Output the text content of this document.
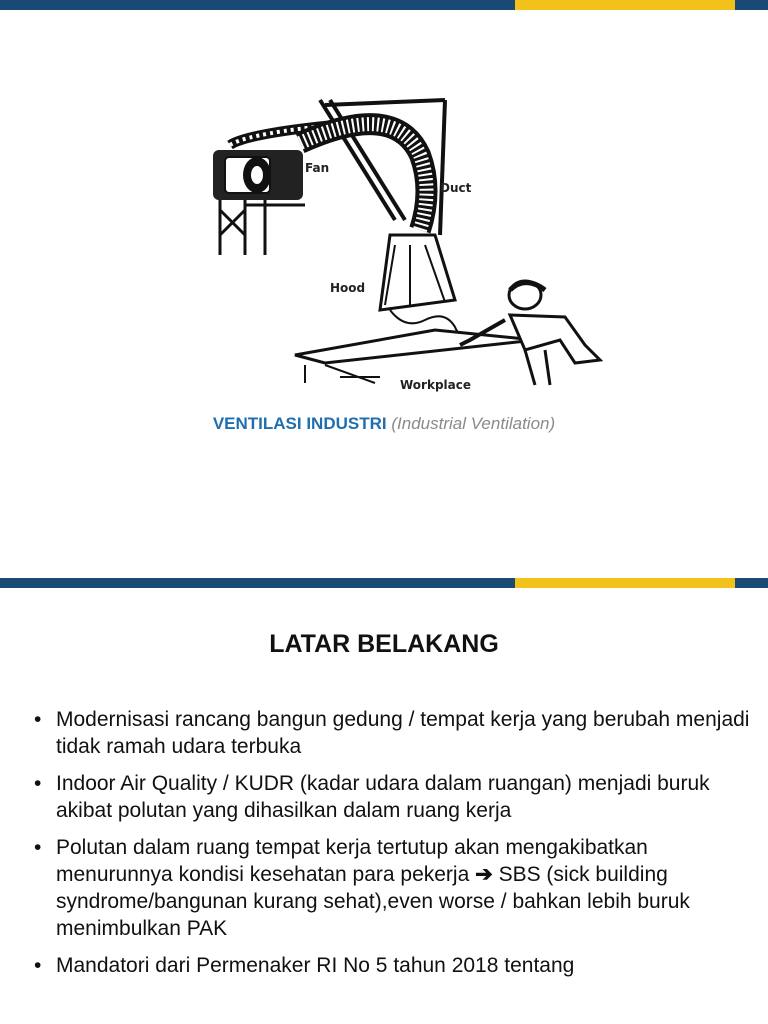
Fan
Duct
Hood
Workplace
VENTILASI INDUSTRI (Industrial Ventilation)
LATAR BELAKANG
• Modernisasi rancang bangun gedung / tempat kerja yang berubah menjadi tidak ramah udara terbuka
• Indoor Air Quality / KUDR (kadar udara dalam ruangan) menjadi buruk akibat polutan yang dihasilkan dalam ruang kerja
• Polutan dalam ruang tempat kerja tertutup akan mengakibatkan menurunnya kondisi kesehatan para pekerja ➔ SBS (sick building syndrome/bangunan kurang sehat),even worse / bahkan lebih buruk menimbulkan PAK
• Mandatori dari Permenaker RI No 5 tahun 2018 tentang
